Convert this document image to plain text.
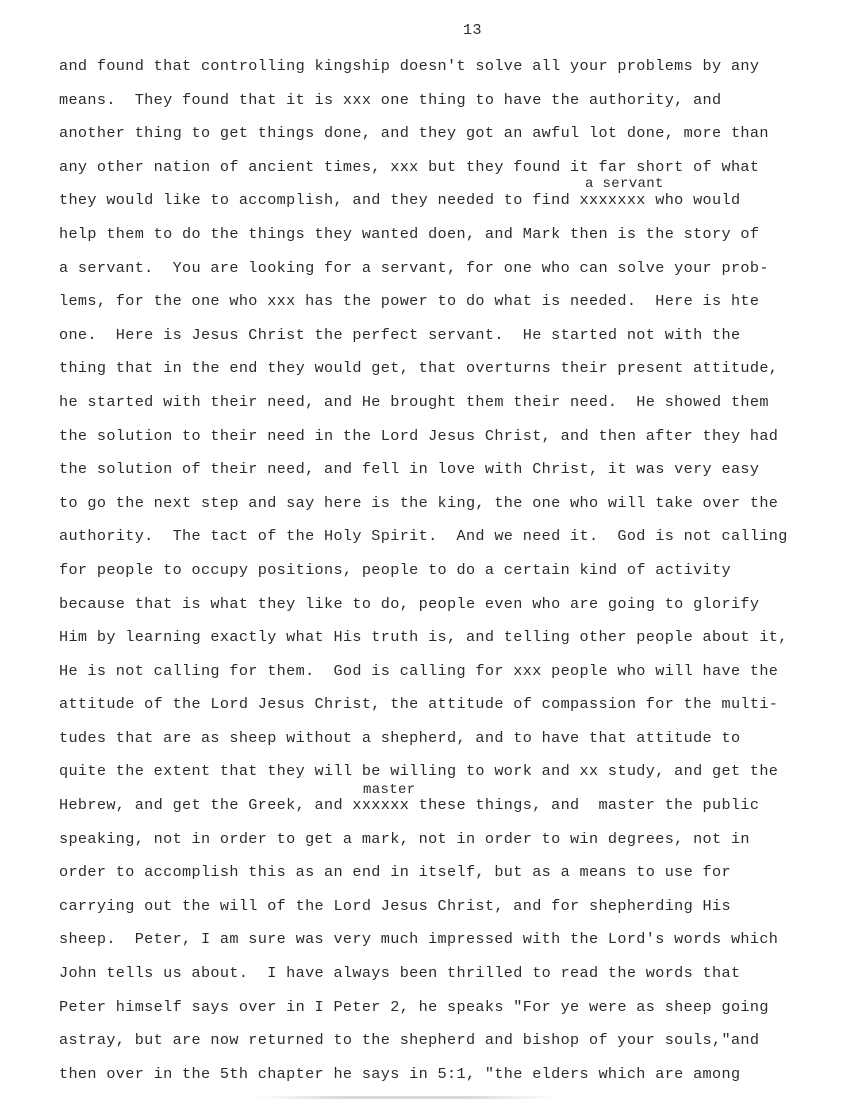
13
a servant
master
and found that controlling kingship doesn't solve all your problems by any
means.  They found that it is xxx one thing to have the authority, and
another thing to get things done, and they got an awful lot done, more than
any other nation of ancient times, xxx but they found it far short of what
they would like to accomplish, and they needed to find xxxxxxx who would
help them to do the things they wanted doen, and Mark then is the story of
a servant.  You are looking for a servant, for one who can solve your prob-
lems, for the one who xxx has the power to do what is needed.  Here is hte
one.  Here is Jesus Christ the perfect servant.  He started not with the
thing that in the end they would get, that overturns their present attitude,
he started with their need, and He brought them their need.  He showed them
the solution to their need in the Lord Jesus Christ, and then after they had
the solution of their need, and fell in love with Christ, it was very easy
to go the next step and say here is the king, the one who will take over the
authority.  The tact of the Holy Spirit.  And we need it.  God is not calling
for people to occupy positions, people to do a certain kind of activity
because that is what they like to do, people even who are going to glorify
Him by learning exactly what His truth is, and telling other people about it,
He is not calling for them.  God is calling for xxx people who will have the
attitude of the Lord Jesus Christ, the attitude of compassion for the multi-
tudes that are as sheep without a shepherd, and to have that attitude to
quite the extent that they will be willing to work and xx study, and get the
Hebrew, and get the Greek, and xxxxxx these things, and  master the public
speaking, not in order to get a mark, not in order to win degrees, not in
order to accomplish this as an end in itself, but as a means to use for
carrying out the will of the Lord Jesus Christ, and for shepherding His
sheep.  Peter, I am sure was very much impressed with the Lord's words which
John tells us about.  I have always been thrilled to read the words that
Peter himself says over in I Peter 2, he speaks "For ye were as sheep going
astray, but are now returned to the shepherd and bishop of your souls,"and
then over in the 5th chapter he says in 5:1, "the elders which are among
